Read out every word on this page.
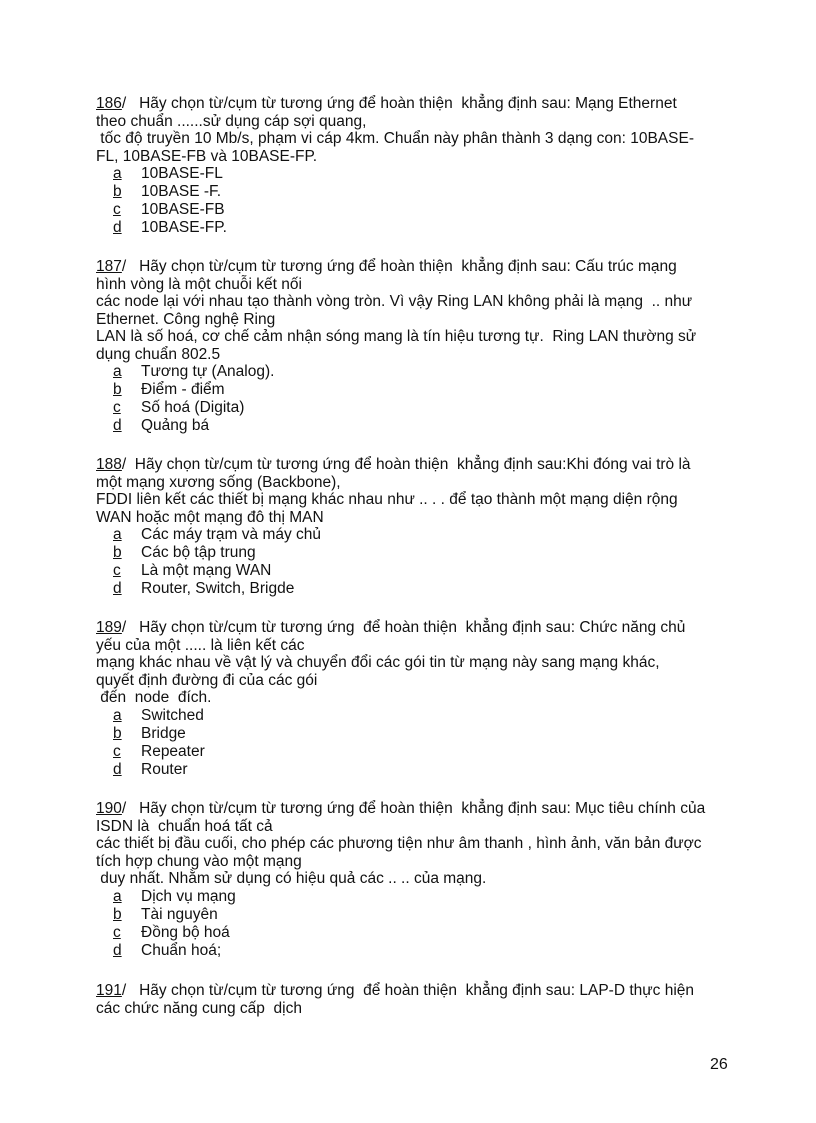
186/   Hãy chọn từ/cụm từ tương ứng để hoàn thiện  khẳng định sau: Mạng Ethernet
theo chuẩn ......sử dụng cáp sợi quang,
tốc độ truyền 10 Mb/s, phạm vi cáp 4km. Chuẩn này phân thành 3 dạng con: 10BASE-
FL, 10BASE-FB và 10BASE-FP.
a 10BASE-FL
b 10BASE -F.
c 10BASE-FB
d 10BASE-FP.
187/   Hãy chọn từ/cụm từ tương ứng để hoàn thiện  khẳng định sau: Cấu trúc mạng
hình vòng là một chuỗi kết nối
các node lại với nhau tạo thành vòng tròn. Vì vậy Ring LAN không phải là mạng  .. như
Ethernet. Công nghệ Ring
LAN là số hoá, cơ chế cảm nhận sóng mang là tín hiệu tương tự.  Ring LAN thường sử
dụng chuẩn 802.5
a Tương tự (Analog).
b Điểm - điểm
c Số hoá (Digita)
d Quảng bá
188/  Hãy chọn từ/cụm từ tương ứng để hoàn thiện  khẳng định sau:Khi đóng vai trò là
một mạng xương sống (Backbone),
FDDI liên kết các thiết bị mạng khác nhau như .. . . để tạo thành một mạng diện rộng
WAN hoặc một mạng đô thị MAN
a Các máy trạm và máy chủ
b Các bộ tập trung
c Là một mạng WAN
d Router, Switch, Brigde
189/   Hãy chọn từ/cụm từ tương ứng  để hoàn thiện  khẳng định sau: Chức năng chủ
yếu của một ..... là liên kết các
mạng khác nhau về vật lý và chuyển đổi các gói tin từ mạng này sang mạng khác,
quyết định đường đi của các gói
đến  node  đích.
a Switched
b Bridge
c Repeater
d Router
190/   Hãy chọn từ/cụm từ tương ứng để hoàn thiện  khẳng định sau: Mục tiêu chính của
ISDN là  chuẩn hoá tất cả
các thiết bị đầu cuối, cho phép các phương tiện như âm thanh , hình ảnh, văn bản được
tích hợp chung vào một mạng
duy nhất. Nhằm sử dụng có hiệu quả các .. .. của mạng.
a Dịch vụ mạng
b Tài nguyên
c Đồng bộ hoá
d Chuẩn hoá;
191/   Hãy chọn từ/cụm từ tương ứng  để hoàn thiện  khẳng định sau: LAP-D thực hiện
các chức năng cung cấp  dịch
26
